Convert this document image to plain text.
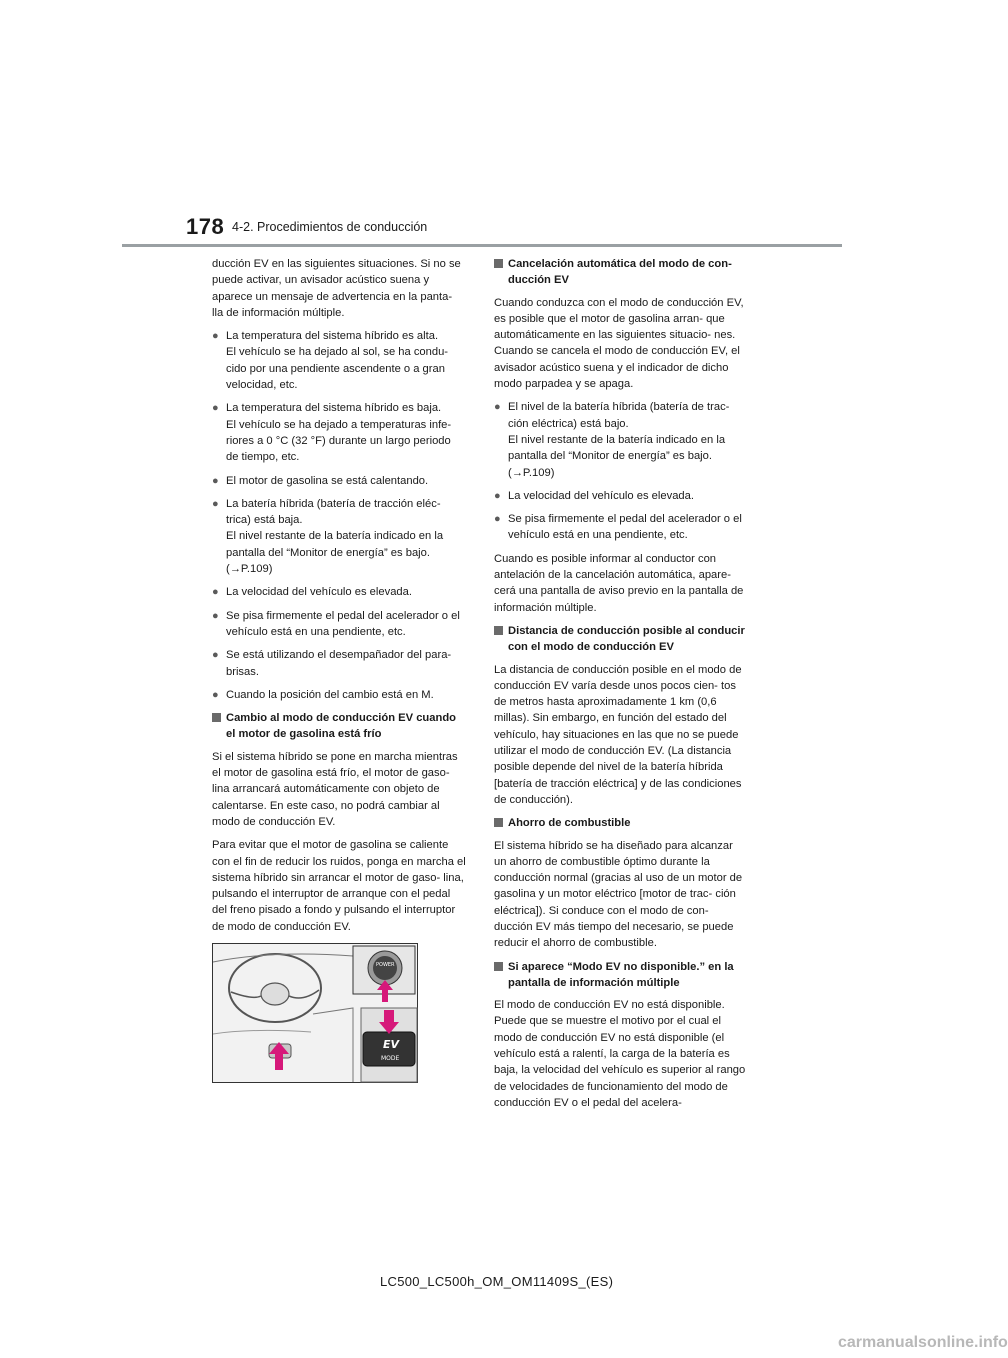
178 4-2. Procedimientos de conducción

ducción EV en las siguientes situaciones. Si no se puede activar, un avisador acústico suena y aparece un mensaje de advertencia en la panta- lla de información múltiple.

● La temperatura del sistema híbrido es alta.
El vehículo se ha dejado al sol, se ha condu- cido por una pendiente ascendente o a gran velocidad, etc.
● La temperatura del sistema híbrido es baja.
El vehículo se ha dejado a temperaturas infe- riores a 0 °C (32 °F) durante un largo periodo de tiempo, etc.
● El motor de gasolina se está calentando.
● La batería híbrida (batería de tracción eléc- trica) está baja.
El nivel restante de la batería indicado en la pantalla del “Monitor de energía” es bajo. (→P.109)
● La velocidad del vehículo es elevada.
● Se pisa firmemente el pedal del acelerador o el vehículo está en una pendiente, etc.
● Se está utilizando el desempañador del para- brisas.
● Cuando la posición del cambio está en M.
Cambio al modo de conducción EV cuando el motor de gasolina está frío

Si el sistema híbrido se pone en marcha mientras el motor de gasolina está frío, el motor de gaso- lina arrancará automáticamente con objeto de calentarse. En este caso, no podrá cambiar al modo de conducción EV.

Para evitar que el motor de gasolina se caliente con el fin de reducir los ruidos, ponga en marcha el sistema híbrido sin arrancar el motor de gaso- lina, pulsando el interruptor de arranque con el pedal del freno pisado a fondo y pulsando el interruptor de modo de conducción EV.

EV
MODE
POWER
Cancelación automática del modo de con- ducción EV

Cuando conduzca con el modo de conducción EV, es posible que el motor de gasolina arran- que automáticamente en las siguientes situacio- nes. Cuando se cancela el modo de conducción EV, el avisador acústico suena y el indicador de dicho modo parpadea y se apaga.

● El nivel de la batería híbrida (batería de trac- ción eléctrica) está bajo.
El nivel restante de la batería indicado en la pantalla del “Monitor de energía” es bajo. (→P.109)
● La velocidad del vehículo es elevada.
● Se pisa firmemente el pedal del acelerador o el vehículo está en una pendiente, etc.

Cuando es posible informar al conductor con antelación de la cancelación automática, apare- cerá una pantalla de aviso previo en la pantalla de información múltiple.

Distancia de conducción posible al conducir con el modo de conducción EV

La distancia de conducción posible en el modo de conducción EV varía desde unos pocos cien- tos de metros hasta aproximadamente 1 km (0,6 millas). Sin embargo, en función del estado del vehículo, hay situaciones en las que no se puede utilizar el modo de conducción EV. (La distancia posible depende del nivel de la batería híbrida [batería de tracción eléctrica] y de las condiciones de conducción).

Ahorro de combustible

El sistema híbrido se ha diseñado para alcanzar un ahorro de combustible óptimo durante la conducción normal (gracias al uso de un motor de gasolina y un motor eléctrico [motor de trac- ción eléctrica]). Si conduce con el modo de con- ducción EV más tiempo del necesario, se puede reducir el ahorro de combustible.

Si aparece “Modo EV no disponible.” en la pantalla de información múltiple

El modo de conducción EV no está disponible. Puede que se muestre el motivo por el cual el modo de conducción EV no está disponible (el vehículo está a ralentí, la carga de la batería es baja, la velocidad del vehículo es superior al rango de velocidades de funcionamiento del modo de conducción EV o el pedal del acelera-

LC500_LC500h_OM_OM11409S_(ES)
carmanualsonline.info
